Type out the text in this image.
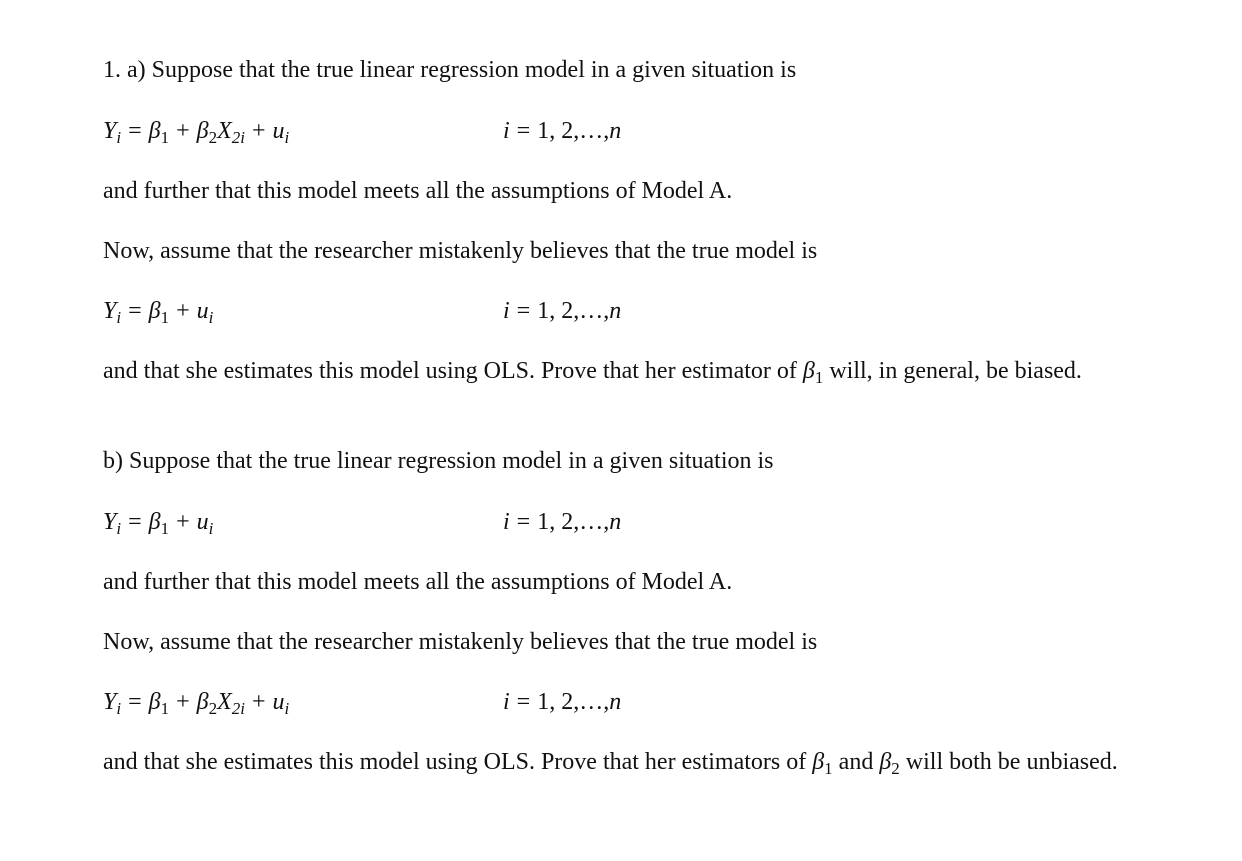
1. a) Suppose that the true linear regression model in a given situation is

$Y_i = \beta_1 + \beta_2X_{2i} + u_i$	i = 1, 2,…,n

and further that this model meets all the assumptions of Model A.

Now, assume that the researcher mistakenly believes that the true model is

$Y_i = \beta_1 + u_i$	i = 1, 2,…,n

and that she estimates this model using OLS. Prove that her estimator of $\beta_1$ will, in general, be biased.

b) Suppose that the true linear regression model in a given situation is

$Y_i = \beta_1 + u_i$	i = 1, 2,…,n

and further that this model meets all the assumptions of Model A.

Now, assume that the researcher mistakenly believes that the true model is

$Y_i = \beta_1 + \beta_2X_{2i} + u_i$	i = 1, 2,…,n

and that she estimates this model using OLS. Prove that her estimators of $\beta_1$ and $\beta_2$ will both be unbiased.
